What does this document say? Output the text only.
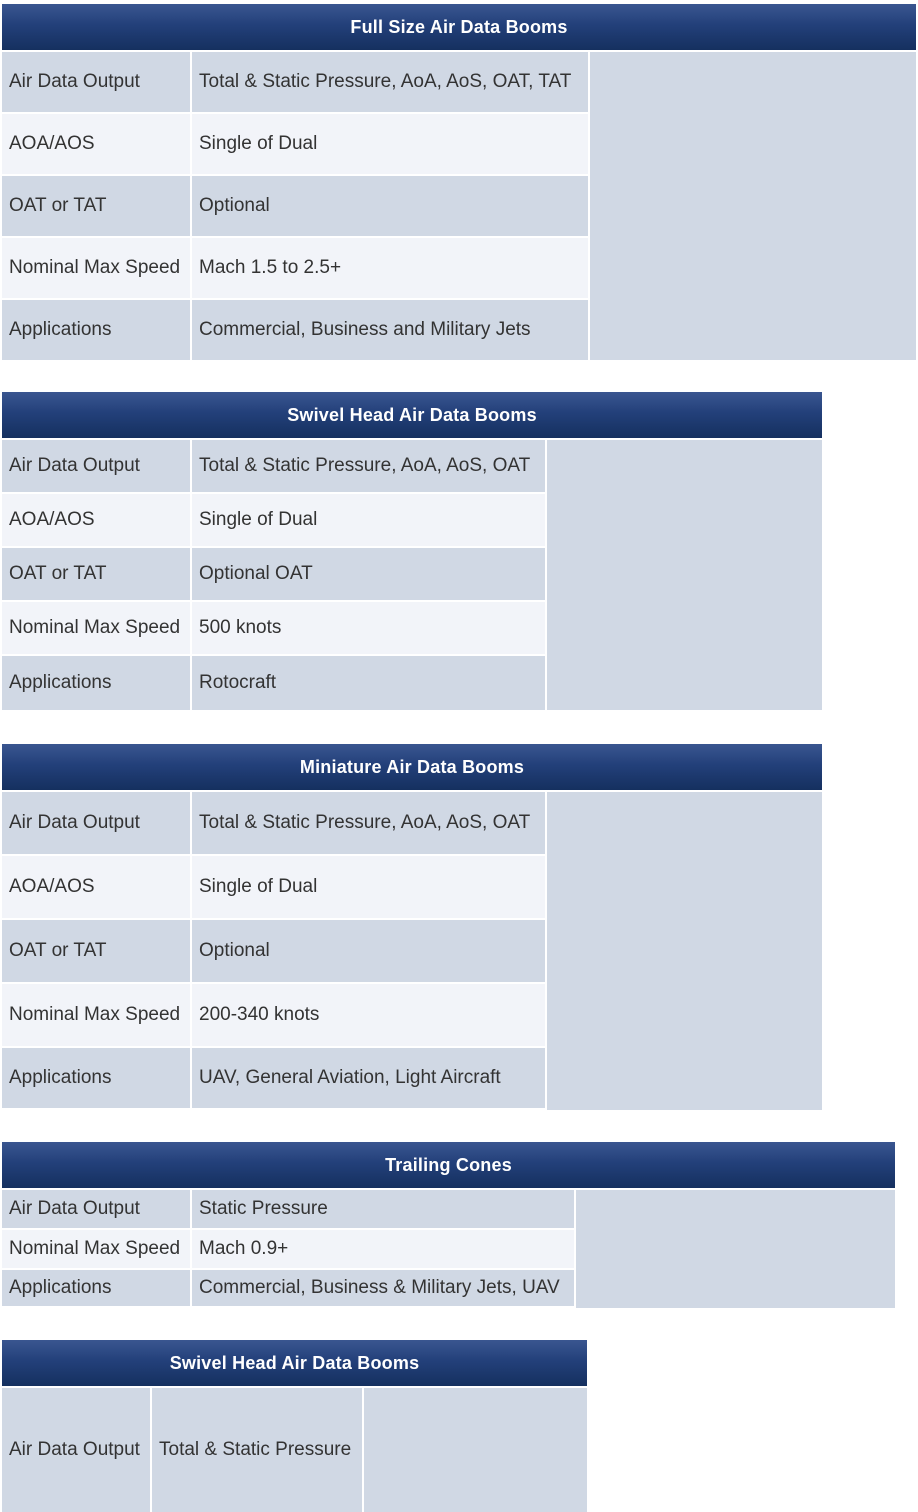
Full Size Air Data Booms
Air Data Output
AOA/AOS
OAT or TAT
Nominal Max Speed
Applications
Total & Static Pressure, AoA, AoS, OAT, TAT
Single of Dual
Optional
Mach 1.5 to 2.5+
Commercial, Business and Military Jets
Swivel Head Air Data Booms
Air Data Output
AOA/AOS
OAT or TAT
Nominal Max Speed
Applications
Total & Static Pressure, AoA, AoS, OAT
Single of Dual
Optional OAT
500 knots
Rotocraft
Miniature Air Data Booms
Air Data Output
AOA/AOS
OAT or TAT
Nominal Max Speed
Applications
Total & Static Pressure, AoA, AoS, OAT
Single of Dual
Optional
200-340 knots
UAV, General Aviation, Light Aircraft
Trailing Cones
Air Data Output
Nominal Max Speed
Applications
Static Pressure
Mach 0.9+
Commercial, Business & Military Jets, UAV
Swivel Head Air Data Booms
Air Data Output	Total & Static Pressure
